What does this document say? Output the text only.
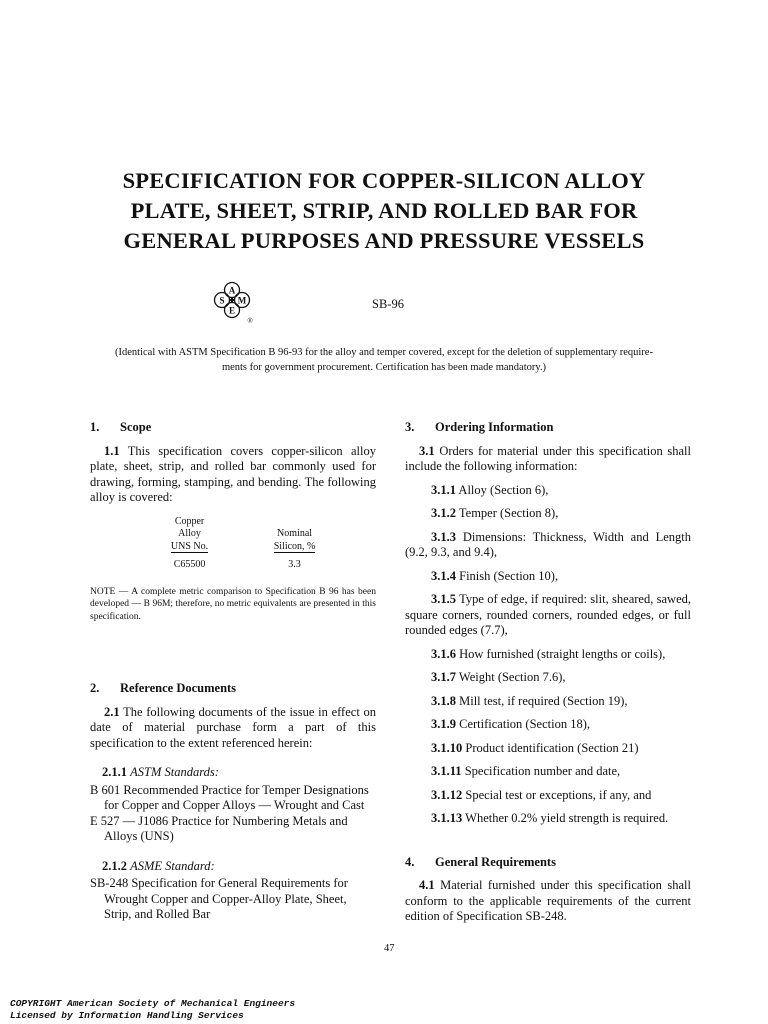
SPECIFICATION FOR COPPER-SILICON ALLOY
PLATE, SHEET, STRIP, AND ROLLED BAR FOR
GENERAL PURPOSES AND PRESSURE VESSELS
A
S M
E
®
SB-96
(Identical with ASTM Specification B 96-93 for the alloy and temper covered, except for the deletion of supplementary require-
ments for government procurement. Certification has been made mandatory.)
1. Scope

1.1 This specification covers copper-silicon alloy plate, sheet, strip, and rolled bar commonly used for drawing, forming, stamping, and bending. The following alloy is covered:

Copper	
Alloy	Nominal
UNS No.	Silicon, %
C65500	3.3

NOTE — A complete metric comparison to Specification B 96 has been developed — B 96M; therefore, no metric equivalents are presented in this specification.

2. Reference Documents

2.1 The following documents of the issue in effect on date of material purchase form a part of this specification to the extent referenced herein:

2.1.1 ASTM Standards:

B 601 Recommended Practice for Temper Designations for Copper and Copper Alloys — Wrought and Cast

E 527 — J1086 Practice for Numbering Metals and Alloys (UNS)

2.1.2 ASME Standard:

SB-248 Specification for General Requirements for Wrought Copper and Copper-Alloy Plate, Sheet, Strip, and Rolled Bar

3. Ordering Information

3.1 Orders for material under this specification shall include the following information:

3.1.1 Alloy (Section 6),

3.1.2 Temper (Section 8),

3.1.3 Dimensions: Thickness, Width and Length (9.2, 9.3, and 9.4),

3.1.4 Finish (Section 10),

3.1.5 Type of edge, if required: slit, sheared, sawed, square corners, rounded corners, rounded edges, or full rounded edges (7.7),

3.1.6 How furnished (straight lengths or coils),

3.1.7 Weight (Section 7.6),

3.1.8 Mill test, if required (Section 19),

3.1.9 Certification (Section 18),

3.1.10 Product identification (Section 21)

3.1.11 Specification number and date,

3.1.12 Special test or exceptions, if any, and

3.1.13 Whether 0.2% yield strength is required.

4. General Requirements

4.1 Material furnished under this specification shall conform to the applicable requirements of the current edition of Specification SB-248.

47
COPYRIGHT American Society of Mechanical Engineers
Licensed by Information Handling Services
